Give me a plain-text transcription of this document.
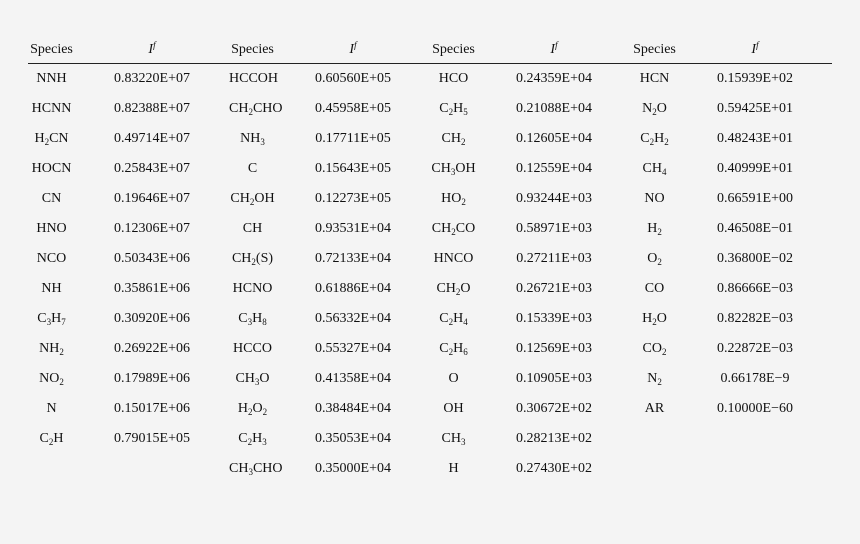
Species	$I^f$	Species	$I^f$	Species	$I^f$	Species	$I^f$

NNH	0.83220E+07	HCCOH	0.60560E+05	HCO	0.24359E+04	HCN	0.15939E+02
HCNN	0.82388E+07	$CH_2CHO$	0.45958E+05	$C_2H_5$	0.21088E+04	$N_2O$	0.59425E+01
$H_2CN$	0.49714E+07	$NH_3$	0.17711E+05	$CH_2$	0.12605E+04	$C_2H_2$	0.48243E+01
HOCN	0.25843E+07	C	0.15643E+05	$CH_3OH$	0.12559E+04	$CH_4$	0.40999E+01
CN	0.19646E+07	$CH_2OH$	0.12273E+05	$HO_2$	0.93244E+03	NO	0.66591E+00
HNO	0.12306E+07	CH	0.93531E+04	$CH_2CO$	0.58971E+03	$H_2$	0.46508E−01
NCO	0.50343E+06	$CH_2(S)$	0.72133E+04	HNCO	0.27211E+03	$O_2$	0.36800E−02
NH	0.35861E+06	HCNO	0.61886E+04	$CH_2O$	0.26721E+03	CO	0.86666E−03
$C_3H_7$	0.30920E+06	$C_3H_8$	0.56332E+04	$C_2H_4$	0.15339E+03	$H_2O$	0.82282E−03
$NH_2$	0.26922E+06	HCCO	0.55327E+04	$C_2H_6$	0.12569E+03	$CO_2$	0.22872E−03
$NO_2$	0.17989E+06	$CH_3O$	0.41358E+04	O	0.10905E+03	$N_2$	0.66178E−9
N	0.15017E+06	$H_2O_2$	0.38484E+04	OH	0.30672E+02	AR	0.10000E−60
$C_2H$	0.79015E+05	$C_2H_3$	0.35053E+04	$CH_3$	0.28213E+02		
		$CH_3CHO$	0.35000E+04	H	0.27430E+02		
